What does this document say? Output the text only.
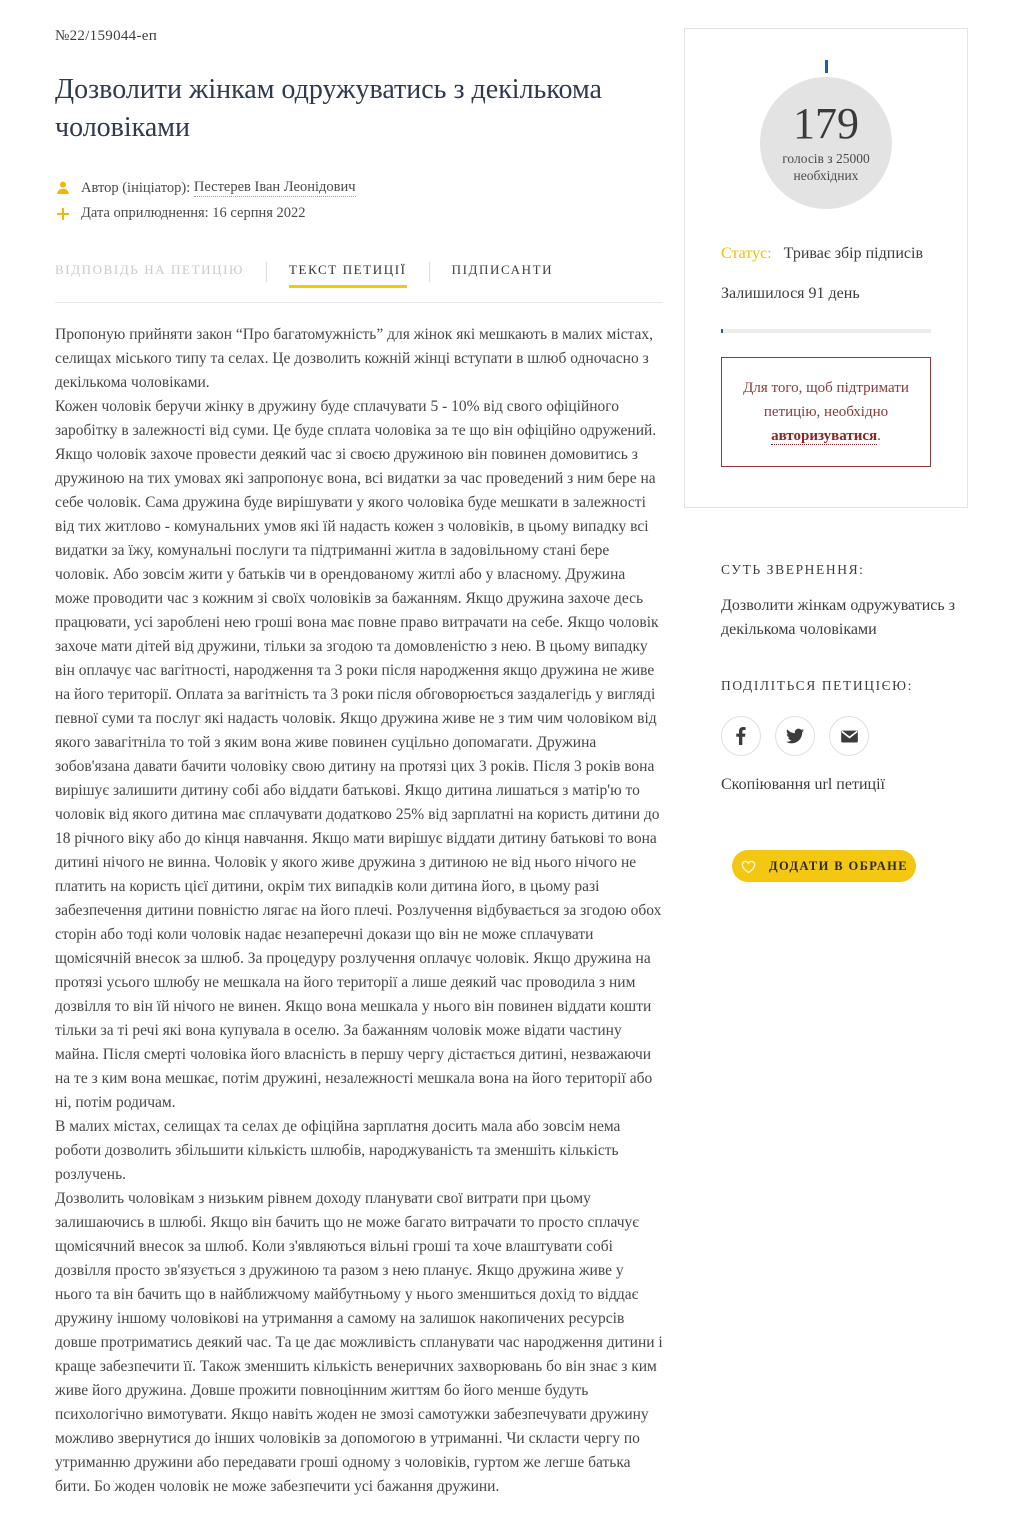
№22/159044-еп
Дозволити жінкам одружуватись з декількома чоловіками
Автор (ініціатор):
Пестерев Іван Леонідович
Дата оприлюднення: 16 серпня 2022
ВІДПОВІДЬ НА ПЕТИЦІЮ	ТЕКСТ ПЕТИЦІЇ	ПІДПИСАНТИ

Пропоную прийняти закон “Про багатомужність” для жінок які мешкають в малих містах, селищах міського типу та селах. Це дозволить кожній жінці вступати в шлюб одночасно з декількома чоловіками.

Кожен чоловік беручи жінку в дружину буде сплачувати 5 - 10% від свого офіційного заробітку в залежності від суми. Це буде сплата чоловіка за те що він офіційно одружений. Якщо чоловік захоче провести деякий час зі своєю дружиною він повинен домовитись з дружиною на тих умовах які запропонує вона, всі видатки за час проведений з ним бере на себе чоловік. Сама дружина буде вирішувати у якого чоловіка буде мешкати в залежності від тих житлово - комунальних умов які їй надасть кожен з чоловіків, в цьому випадку всі видатки за їжу, комунальні послуги та підтриманні житла в задовільному стані бере чоловік. Або зовсім жити у батьків чи в орендованому житлі або у власному. Дружина може проводити час з кожним зі своїх чоловіків за бажанням. Якщо дружина захоче десь працювати, усі зароблені нею гроші вона має повне право витрачати на себе. Якщо чоловік захоче мати дітей від дружини, тільки за згодою та домовленістю з нею. В цьому випадку він оплачує час вагітності, народження та 3 роки після народження якщо дружина не живе на його території. Оплата за вагітність та 3 роки після обговорюється заздалегідь у вигляді певної суми та послуг які надасть чоловік. Якщо дружина живе не з тим чим чоловіком від якого завагітніла то той з яким вона живе повинен суцільно допомагати. Дружина зобов'язана давати бачити чоловіку свою дитину на протязі цих 3 років. Після 3 років вона вирішує залишити дитину собі або віддати батькові. Якщо дитина лишаться з матір'ю то чоловік від якого дитина має сплачувати додатково 25% від зарплатні на користь дитини до 18 річного віку або до кінця навчання. Якщо мати вирішує віддати дитину батькові то вона дитині нічого не винна. Чоловік у якого живе дружина з дитиною не від нього нічого не платить на користь цієї дитини, окрім тих випадків коли дитина його, в цьому разі забезпечення дитини повністю лягає на його плечі. Розлучення відбувається за згодою обох сторін або тоді коли чоловік надає незаперечні докази що він не може сплачувати щомісячній внесок за шлюб. За процедуру розлучення оплачує чоловік. Якщо дружина на протязі усього шлюбу не мешкала на його території а лише деякий час проводила з ним дозвілля то він їй нічого не винен. Якщо вона мешкала у нього він повинен віддати кошти тільки за ті речі які вона купувала в оселю. За бажанням чоловік може відати частину майна. Після смерті чоловіка його власність в першу чергу дістається дитині, незважаючи на те з ким вона мешкає, потім дружині, незалежності мешкала вона на його території або ні, потім родичам.

В малих містах, селищах та селах де офіційна зарплатня досить мала або зовсім нема роботи дозволить збільшити кількість шлюбів, народжуваність та зменшіть кількість розлучень.

Дозволить чоловікам з низьким рівнем доходу планувати свої витрати при цьому залишаючись в шлюбі. Якщо він бачить що не може багато витрачати то просто сплачує щомісячний внесок за шлюб. Коли з'являються вільні гроші та хоче влаштувати собі дозвілля просто зв'язується з дружиною та разом з нею планує. Якщо дружина живе у нього та він бачить що в найближчому майбутньому у нього зменшиться дохід то віддає дружину іншому чоловікові на утримання а самому на залишок накопичених ресурсів довше протриматись деякий час. Та це дає можливість спланувати час народження дитини і краще забезпечити її. Також зменшить кількість венеричних захворювань бо він знає з ким живе його дружина. Довше прожити повноцінним життям бо його менше будуть психологічно вимотувати. Якщо навіть жоден не змозі самотужки забезпечувати дружину можливо звернутися до інших чоловіків за допомогою в утриманні. Чи скласти чергу по утриманню дружини або передавати гроші одному з чоловіків, гуртом же легше батька бити. Бо жоден чоловік не може забезпечити усі бажання дружини.

179
голосів з 25000
необхідних
Статус: Триває збір підписів
Залишилося 91 день
Для того, щоб підтримати петицію, необхідно авторизуватися.
СУТЬ ЗВЕРНЕННЯ:
Дозволити жінкам одружуватись з декількома чоловіками
ПОДІЛІТЬСЯ ПЕТИЦІЄЮ:
Скопіювання url петиції
ДОДАТИ В ОБРАНЕ
